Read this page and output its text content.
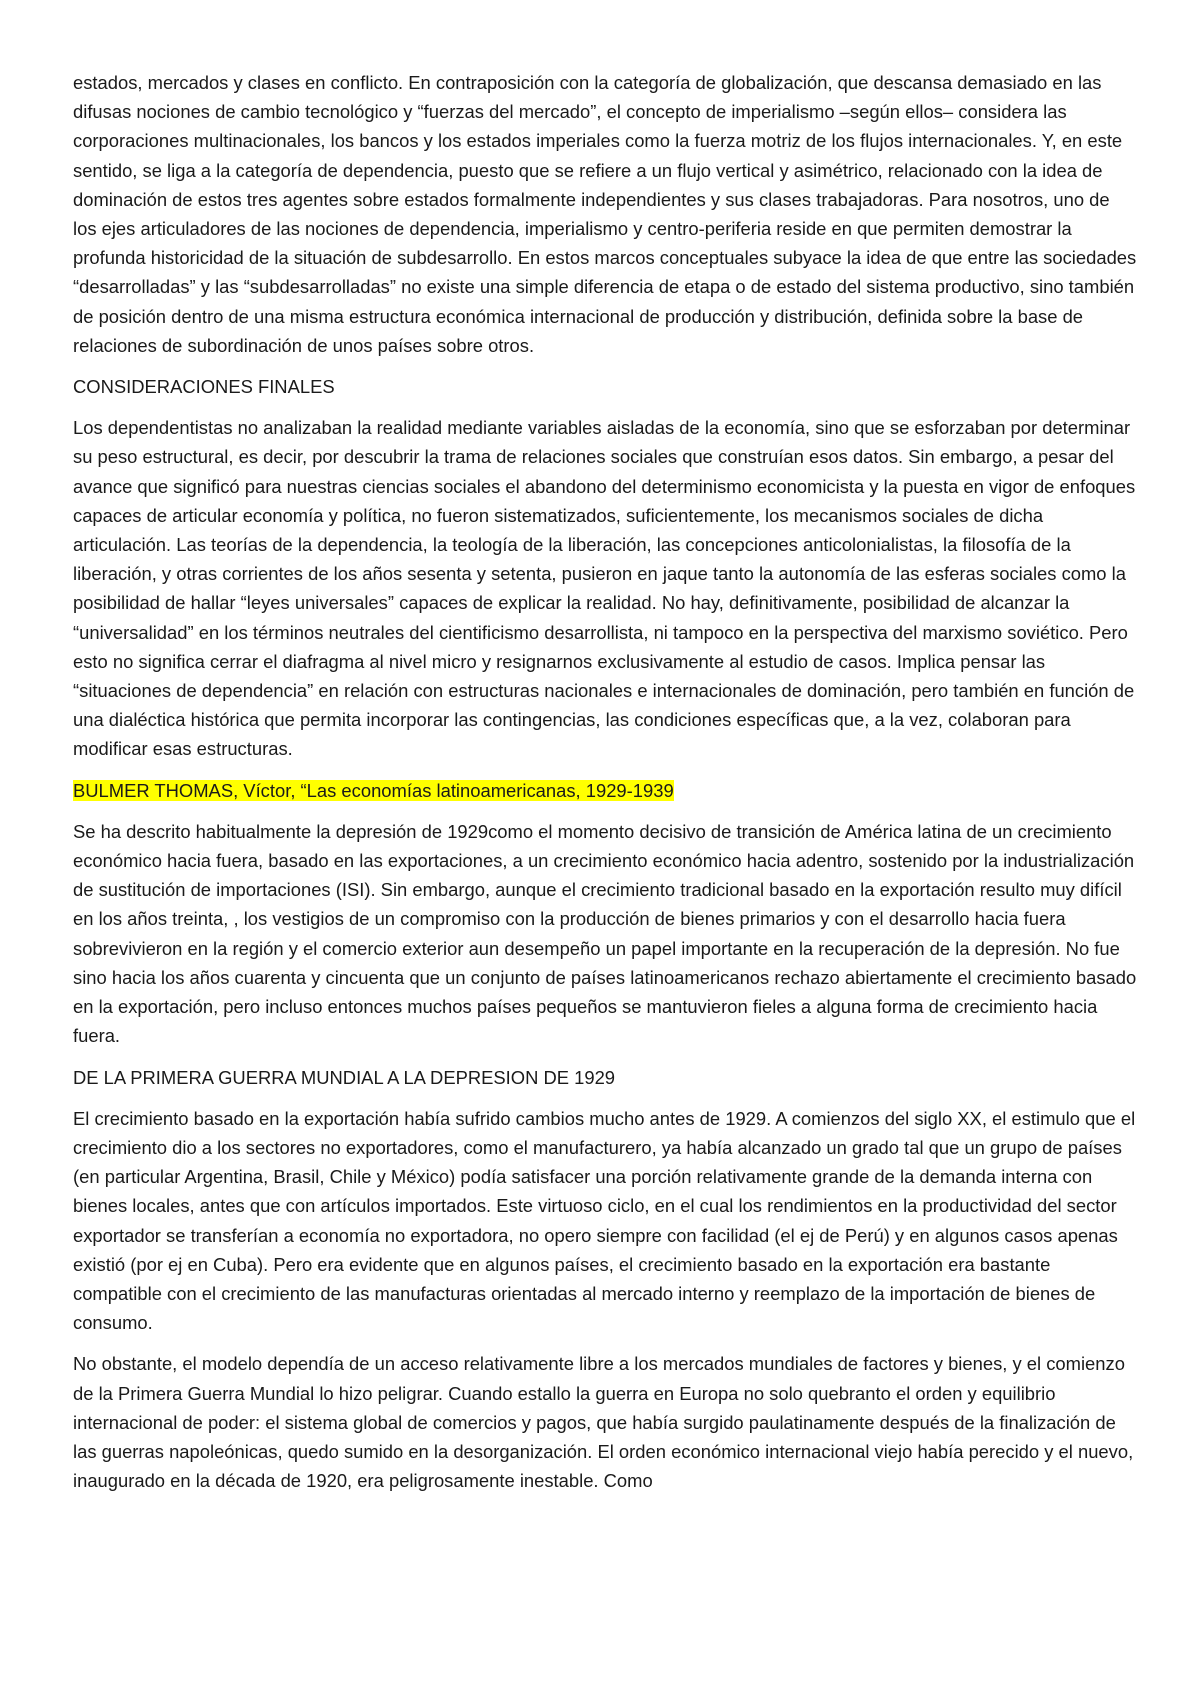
estados, mercados y clases en conflicto. En contraposición con la categoría de globalización, que descansa demasiado en las difusas nociones de cambio tecnológico y “fuerzas del mercado”, el concepto de imperialismo –según ellos– considera las corporaciones multinacionales, los bancos y los estados imperiales como la fuerza motriz de los flujos internacionales. Y, en este sentido, se liga a la categoría de dependencia, puesto que se refiere a un flujo vertical y asimétrico, relacionado con la idea de dominación de estos tres agentes sobre estados formalmente independientes y sus clases trabajadoras. Para nosotros, uno de los ejes articuladores de las nociones de dependencia, imperialismo y centro-periferia reside en que permiten demostrar la profunda historicidad de la situación de subdesarrollo. En estos marcos conceptuales subyace la idea de que entre las sociedades “desarrolladas” y las “subdesarrolladas” no existe una simple diferencia de etapa o de estado del sistema productivo, sino también de posición dentro de una misma estructura económica internacional de producción y distribución, definida sobre la base de relaciones de subordinación de unos países sobre otros.

CONSIDERACIONES FINALES

Los dependentistas no analizaban la realidad mediante variables aisladas de la economía, sino que se esforzaban por determinar su peso estructural, es decir, por descubrir la trama de relaciones sociales que construían esos datos. Sin embargo, a pesar del avance que significó para nuestras ciencias sociales el abandono del determinismo economicista y la puesta en vigor de enfoques capaces de articular economía y política, no fueron sistematizados, suficientemente, los mecanismos sociales de dicha articulación. Las teorías de la dependencia, la teología de la liberación, las concepciones anticolonialistas, la filosofía de la liberación, y otras corrientes de los años sesenta y setenta, pusieron en jaque tanto la autonomía de las esferas sociales como la posibilidad de hallar “leyes universales” capaces de explicar la realidad. No hay, definitivamente, posibilidad de alcanzar la “universalidad” en los términos neutrales del cientificismo desarrollista, ni tampoco en la perspectiva del marxismo soviético. Pero esto no significa cerrar el diafragma al nivel micro y resignarnos exclusivamente al estudio de casos. Implica pensar las “situaciones de dependencia” en relación con estructuras nacionales e internacionales de dominación, pero también en función de una dialéctica histórica que permita incorporar las contingencias, las condiciones específicas que, a la vez, colaboran para modificar esas estructuras.

BULMER THOMAS, Víctor, “Las economías latinoamericanas, 1929-1939

Se ha descrito habitualmente la depresión de 1929como el momento decisivo de transición de América latina de un crecimiento económico hacia fuera, basado en las exportaciones, a un crecimiento económico hacia adentro, sostenido por la industrialización de sustitución de importaciones (ISI). Sin embargo, aunque el crecimiento tradicional basado en la exportación resulto muy difícil en los años treinta, , los vestigios de un compromiso con la producción de bienes primarios y con el desarrollo hacia fuera sobrevivieron en la región y el comercio exterior aun desempeño un papel importante en la recuperación de la depresión. No fue sino hacia los años cuarenta y cincuenta que un conjunto de países latinoamericanos rechazo abiertamente el crecimiento basado en la exportación, pero incluso entonces muchos países pequeños se mantuvieron fieles a alguna forma de crecimiento hacia fuera.

DE LA PRIMERA GUERRA MUNDIAL A LA DEPRESION DE 1929

El crecimiento basado en la exportación había sufrido cambios mucho antes de 1929. A comienzos del siglo XX, el estimulo que el crecimiento dio a los sectores no exportadores, como el manufacturero, ya había alcanzado un grado tal que un grupo de países (en particular Argentina, Brasil, Chile y México) podía satisfacer una porción relativamente grande de la demanda interna con bienes locales, antes que con artículos importados. Este virtuoso ciclo, en el cual los rendimientos en la productividad del sector exportador se transferían a economía no exportadora, no opero siempre con facilidad (el ej de Perú) y en algunos casos apenas existió (por ej en Cuba). Pero era evidente que en algunos países, el crecimiento basado en la exportación era bastante compatible con el crecimiento de las manufacturas orientadas al mercado interno y reemplazo de la importación de bienes de consumo.

No obstante, el modelo dependía de un acceso relativamente libre a los mercados mundiales de factores y bienes, y el comienzo de la Primera Guerra Mundial lo hizo peligrar. Cuando estallo la guerra en Europa no solo quebranto el orden y equilibrio internacional de poder: el sistema global de comercios y pagos, que había surgido paulatinamente después de la finalización de las guerras napoleónicas, quedo sumido en la desorganización. El orden económico internacional viejo había perecido y el nuevo, inaugurado en la década de 1920, era peligrosamente inestable. Como
